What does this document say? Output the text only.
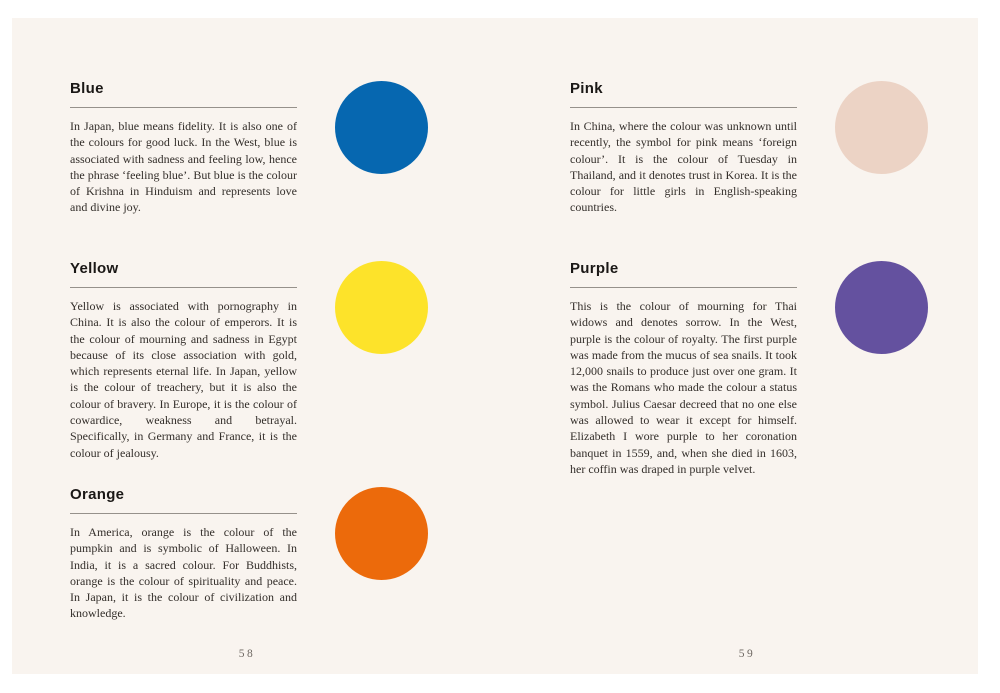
Blue

In Japan, blue means fidelity. It is also one of the colours for good luck. In the West, blue is associated with sadness and feeling low, hence the phrase ‘feeling blue’. But blue is the colour of Krishna in Hinduism and represents love and divine joy.

Yellow

Yellow is associated with pornography in China. It is also the colour of emperors. It is the colour of mourning and sadness in Egypt because of its close association with gold, which represents eternal life. In Japan, yellow is the colour of treachery, but it is also the colour of bravery. In Europe, it is the colour of cowardice, weakness and betrayal. Specifically, in Germany and France, it is the colour of jealousy.

Orange

In America, orange is the colour of the pumpkin and is symbolic of Halloween. In India, it is a sacred colour. For Buddhists, orange is the colour of spirituality and peace. In Japan, it is the colour of civilization and knowledge.

Pink

In China, where the colour was unknown until recently, the symbol for pink means ‘foreign colour’. It is the colour of Tuesday in Thailand, and it denotes trust in Korea. It is the colour for little girls in English-speaking countries.

Purple

This is the colour of mourning for Thai widows and denotes sorrow. In the West, purple is the colour of royalty. The first purple was made from the mucus of sea snails. It took 12,000 snails to produce just over one gram. It was the Romans who made the colour a status symbol. Julius Caesar decreed that no one else was allowed to wear it except for himself. Elizabeth I wore purple to her coronation banquet in 1559, and, when she died in 1603, her coffin was draped in purple velvet.

58	59
